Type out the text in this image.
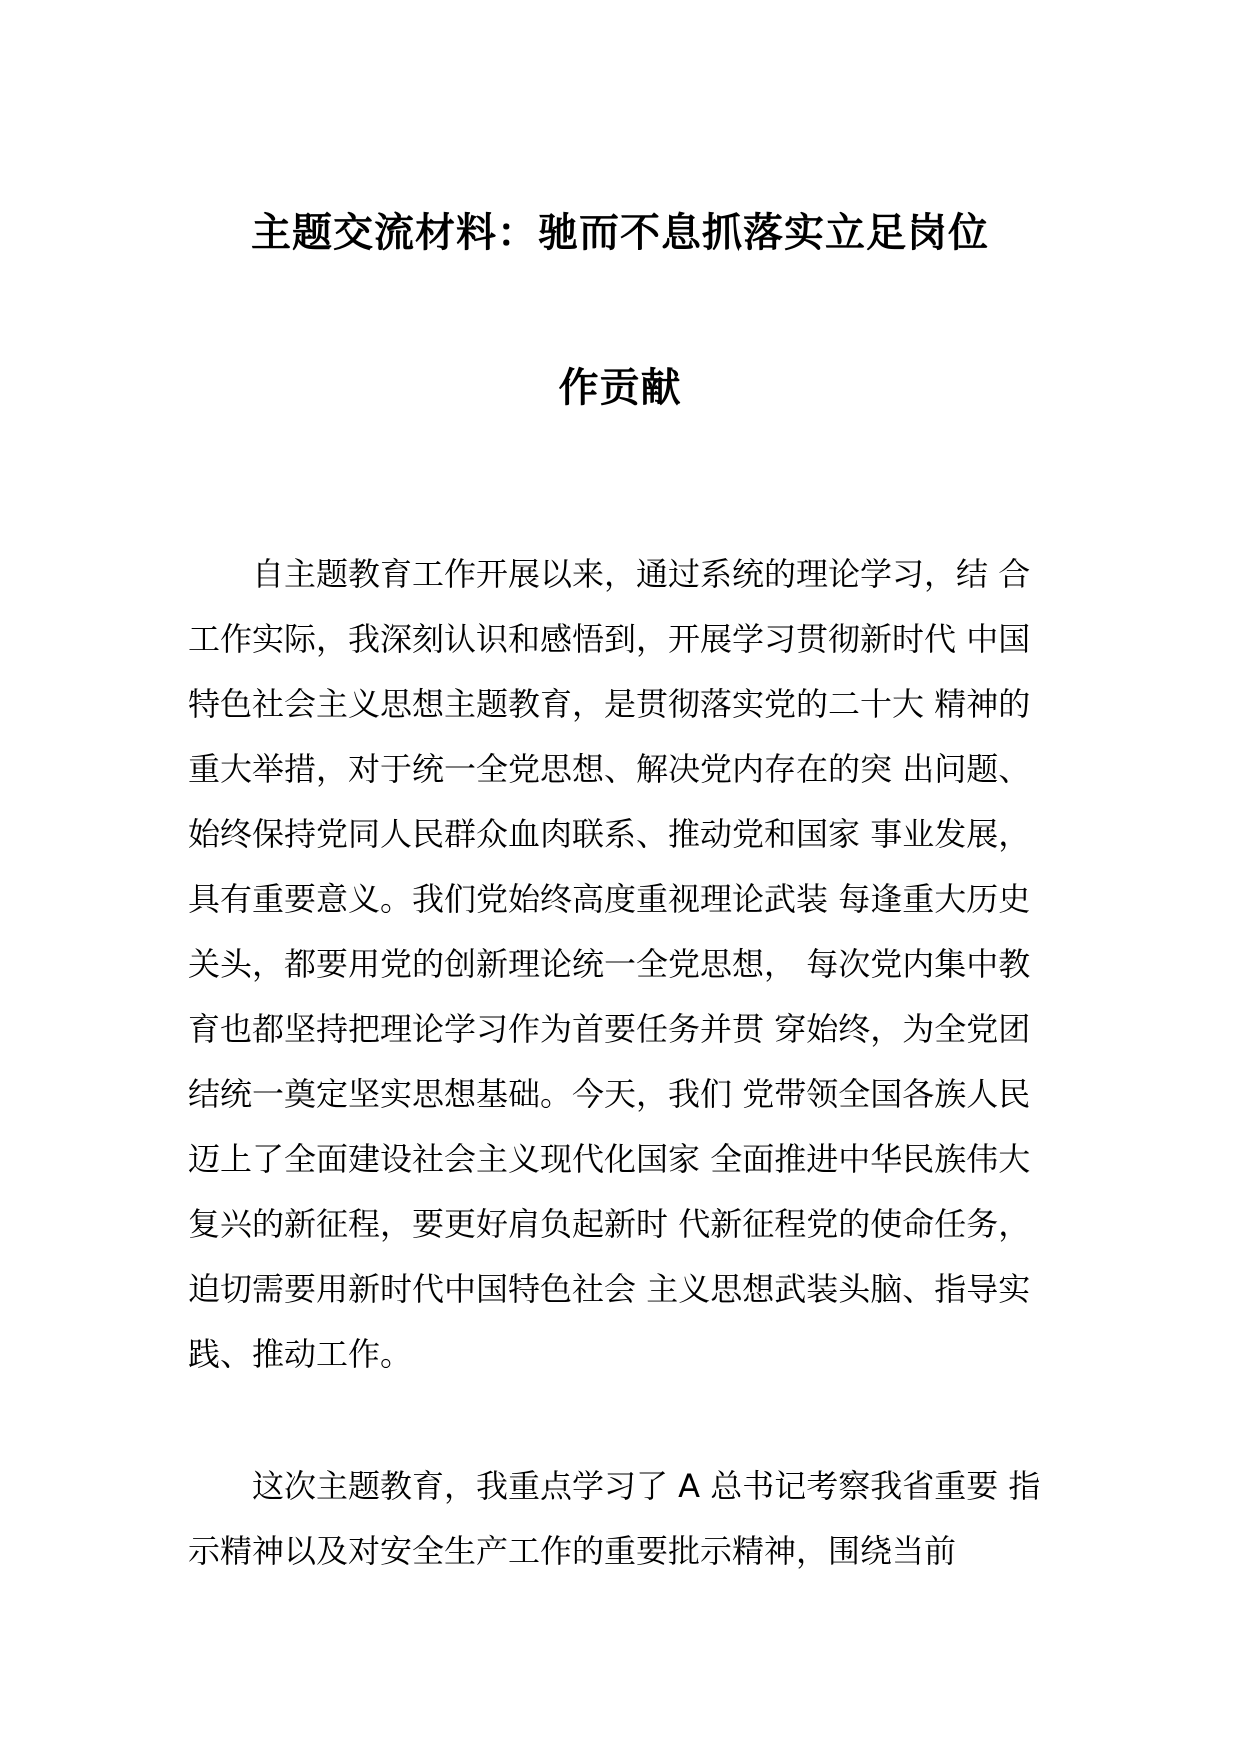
主题交流材料：驰而不息抓落实立足岗位
作贡献
　　自主题教育工作开展以来，通过系统的理论学习，结 合工作实际，我深刻认识和感悟到，开展学习贯彻新时代 中国特色社会主义思想主题教育，是贯彻落实党的二十大 精神的重大举措，对于统一全党思想、解决党内存在的突 出问题、始终保持党同人民群众血肉联系、推动党和国家 事业发展，具有重要意义。我们党始终高度重视理论武装 每逢重大历史关头，都要用党的创新理论统一全党思想， 每次党内集中教育也都坚持把理论学习作为首要任务并贯 穿始终，为全党团结统一奠定坚实思想基础。今天，我们 党带领全国各族人民迈上了全面建设社会主义现代化国家 全面推进中华民族伟大复兴的新征程，要更好肩负起新时 代新征程党的使命任务，迫切需要用新时代中国特色社会 主义思想武装头脑、指导实践、推动工作。
　　这次主题教育，我重点学习了 A 总书记考察我省重要 指示精神以及对安全生产工作的重要批示精神，围绕当前
